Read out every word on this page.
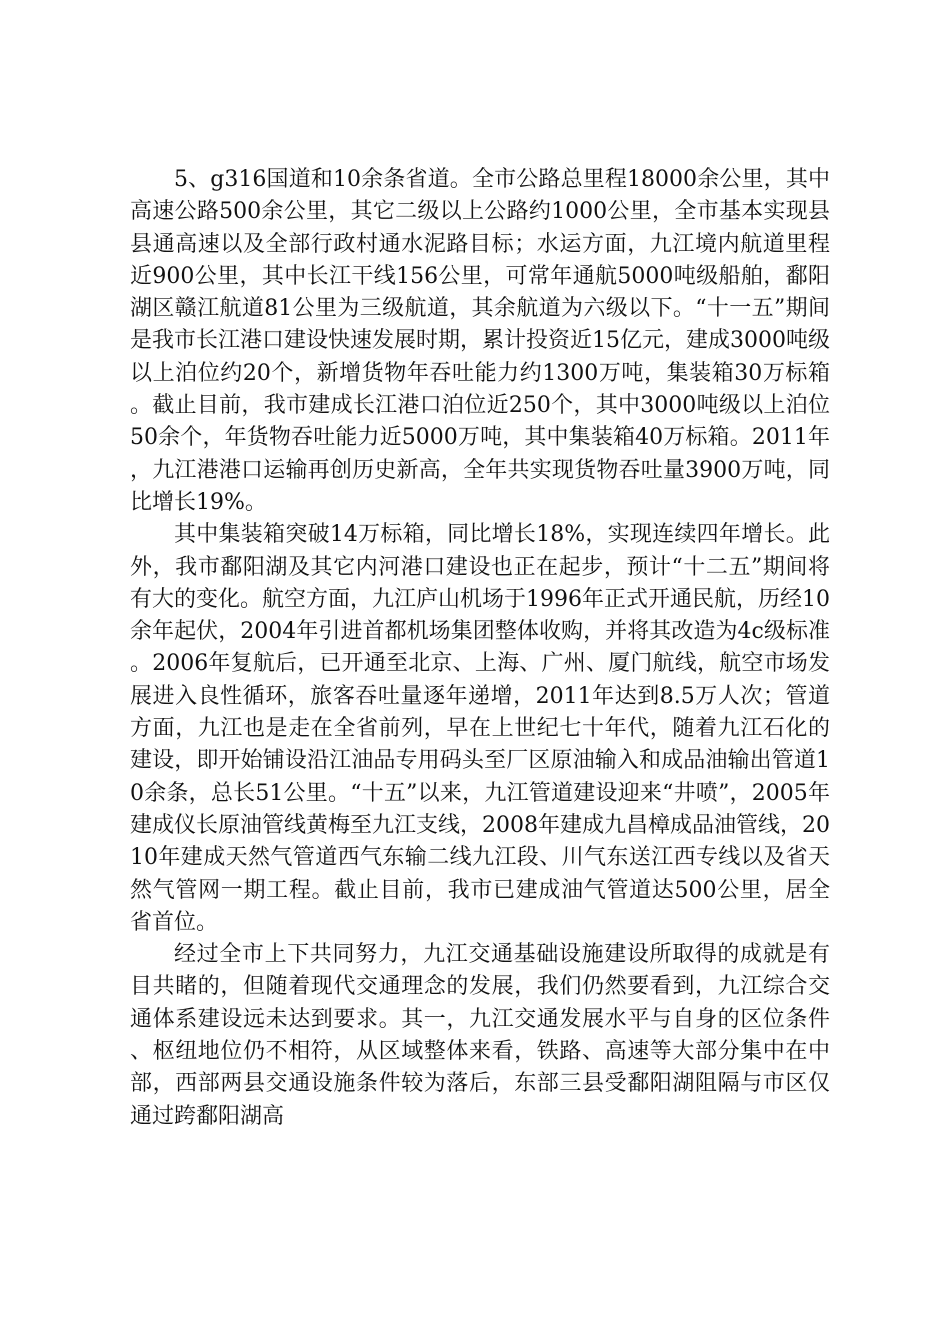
5、g316国道和10余条省道。全市公路总里程18000余公里，其中高速公路500余公里，其它二级以上公路约1000公里，全市基本实现县县通高速以及全部行政村通水泥路目标；水运方面，九江境内航道里程近900公里，其中长江干线156公里，可常年通航5000吨级船舶，鄱阳湖区赣江航道81公里为三级航道，其余航道为六级以下。“十一五”期间是我市长江港口建设快速发展时期，累计投资近15亿元，建成3000吨级以上泊位约20个，新增货物年吞吐能力约1300万吨，集装箱30万标箱。截止目前，我市建成长江港口泊位近250个，其中3000吨级以上泊位50余个，年货物吞吐能力近5000万吨，其中集装箱40万标箱。2011年，九江港港口运输再创历史新高，全年共实现货物吞吐量3900万吨，同比增长19%。

其中集装箱突破14万标箱，同比增长18%，实现连续四年增长。此外，我市鄱阳湖及其它内河港口建设也正在起步，预计“十二五”期间将有大的变化。航空方面，九江庐山机场于1996年正式开通民航，历经10余年起伏，2004年引进首都机场集团整体收购，并将其改造为4c级标准。2006年复航后，已开通至北京、上海、广州、厦门航线，航空市场发展进入良性循环，旅客吞吐量逐年递增，2011年达到8.5万人次；管道方面，九江也是走在全省前列，早在上世纪七十年代，随着九江石化的建设，即开始铺设沿江油品专用码头至厂区原油输入和成品油输出管道10余条，总长51公里。“十五”以来，九江管道建设迎来“井喷”，2005年建成仪长原油管线黄梅至九江支线，2008年建成九昌樟成品油管线，2010年建成天然气管道西气东输二线九江段、川气东送江西专线以及省天然气管网一期工程。截止目前，我市已建成油气管道达500公里，居全省首位。

经过全市上下共同努力，九江交通基础设施建设所取得的成就是有目共睹的，但随着现代交通理念的发展，我们仍然要看到，九江综合交通体系建设远未达到要求。其一，九江交通发展水平与自身的区位条件、枢纽地位仍不相符，从区域整体来看，铁路、高速等大部分集中在中部，西部两县交通设施条件较为落后，东部三县受鄱阳湖阻隔与市区仅通过跨鄱阳湖高
